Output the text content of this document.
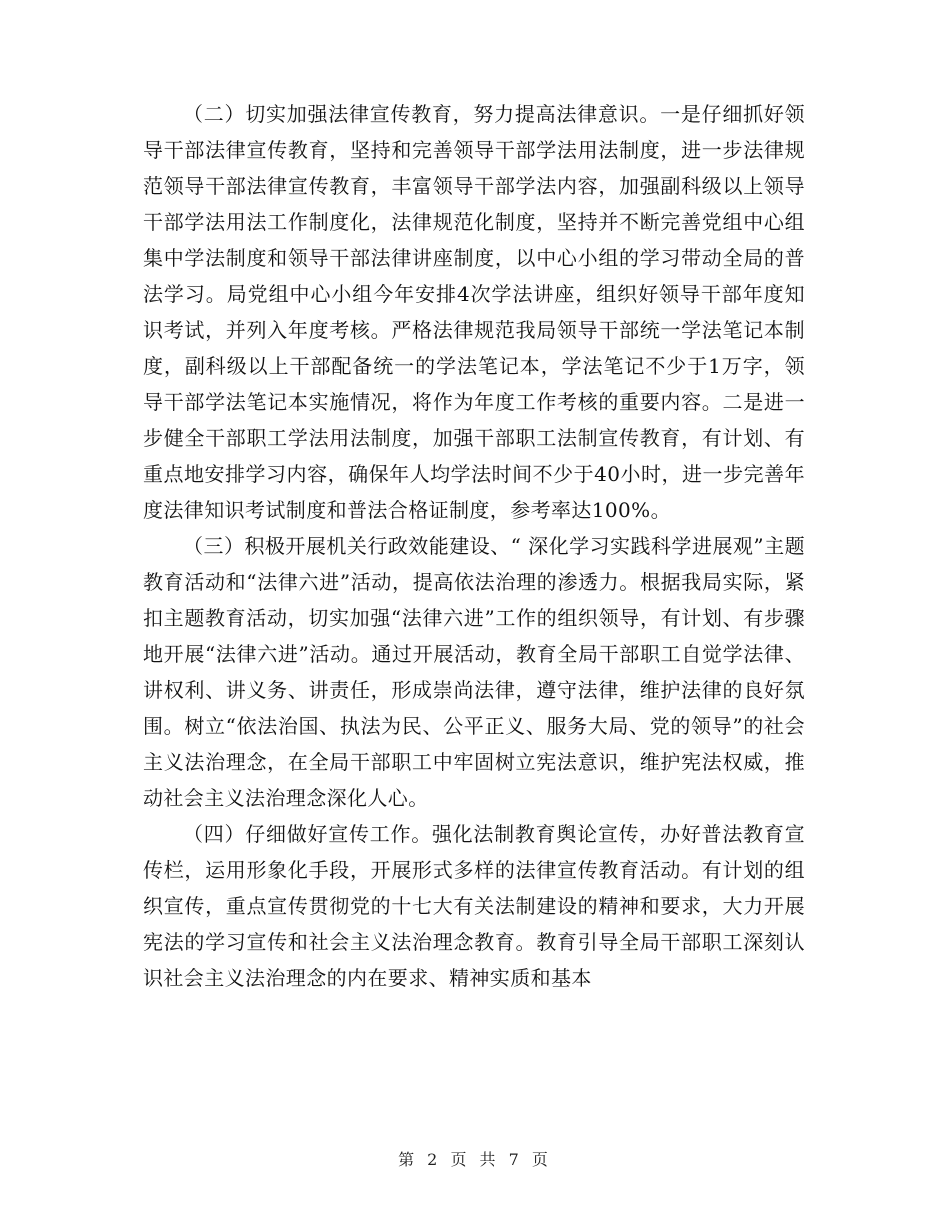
（二）切实加强法律宣传教育，努力提高法律意识。一是仔细抓好领导干部法律宣传教育，坚持和完善领导干部学法用法制度，进一步法律规范领导干部法律宣传教育，丰富领导干部学法内容，加强副科级以上领导干部学法用法工作制度化，法律规范化制度，坚持并不断完善党组中心组集中学法制度和领导干部法律讲座制度，以中心小组的学习带动全局的普法学习。局党组中心小组今年安排4次学法讲座，组织好领导干部年度知识考试，并列入年度考核。严格法律规范我局领导干部统一学法笔记本制度，副科级以上干部配备统一的学法笔记本，学法笔记不少于1万字，领导干部学法笔记本实施情况，将作为年度工作考核的重要内容。二是进一步健全干部职工学法用法制度，加强干部职工法制宣传教育，有计划、有重点地安排学习内容，确保年人均学法时间不少于40小时，进一步完善年度法律知识考试制度和普法合格证制度，参考率达100%。

（三）积极开展机关行政效能建设、“ 深化学习实践科学进展观”主题教育活动和“法律六进”活动，提高依法治理的渗透力。根据我局实际，紧扣主题教育活动，切实加强“法律六进”工作的组织领导，有计划、有步骤地开展“法律六进”活动。通过开展活动，教育全局干部职工自觉学法律、讲权利、讲义务、讲责任，形成崇尚法律，遵守法律，维护法律的良好氛围。树立“依法治国、执法为民、公平正义、服务大局、党的领导”的社会主义法治理念，在全局干部职工中牢固树立宪法意识，维护宪法权威，推动社会主义法治理念深化人心。

（四）仔细做好宣传工作。强化法制教育舆论宣传，办好普法教育宣传栏，运用形象化手段，开展形式多样的法律宣传教育活动。有计划的组织宣传，重点宣传贯彻党的十七大有关法制建设的精神和要求，大力开展宪法的学习宣传和社会主义法治理念教育。教育引导全局干部职工深刻认识社会主义法治理念的内在要求、精神实质和基本

第 2 页 共 7 页
